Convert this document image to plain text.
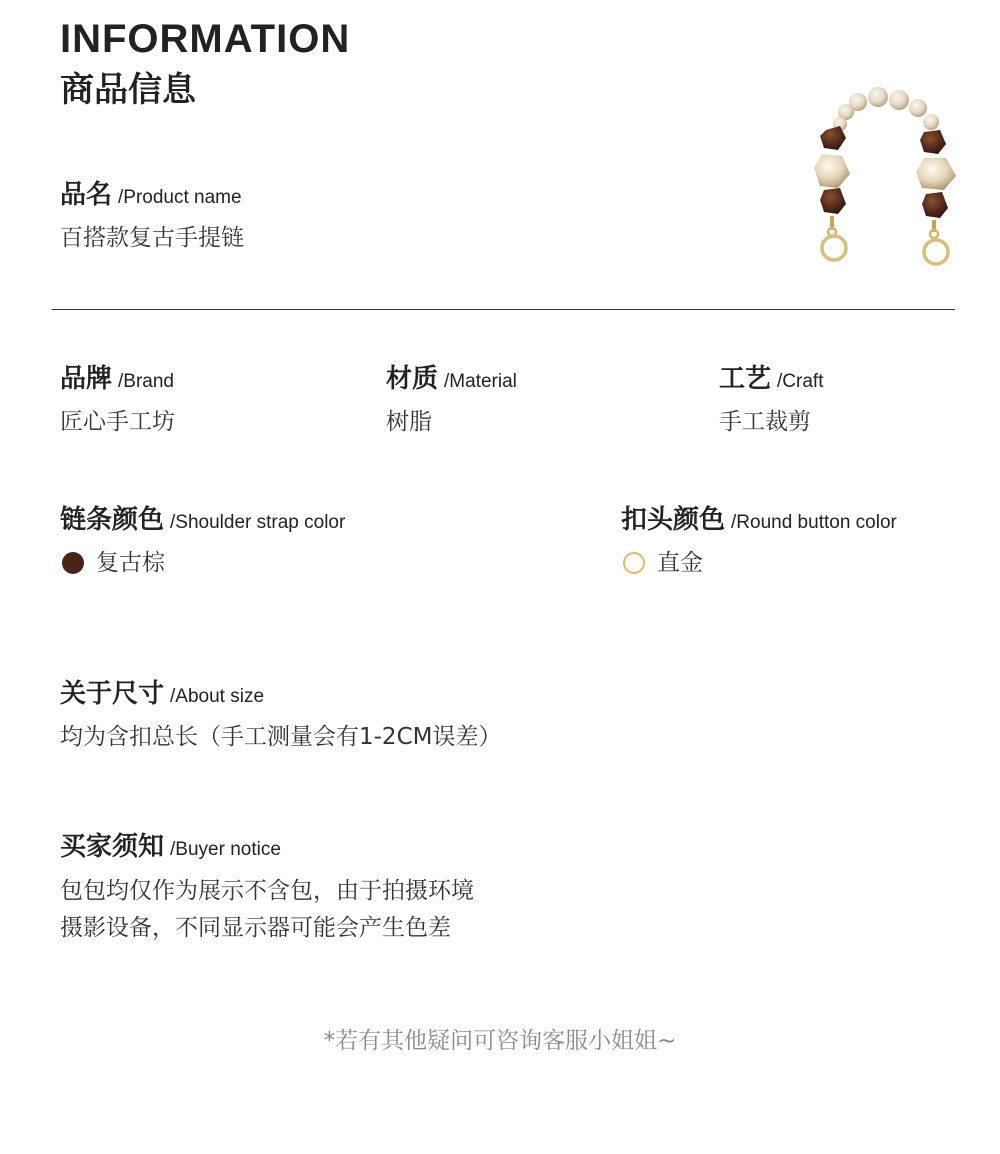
INFORMATION
商品信息
品名 /Product name
百搭款复古手提链
品牌 /Brand
匠心手工坊
材质 /Material
树脂
工艺 /Craft
手工裁剪
链条颜色 /Shoulder strap color
复古棕
扣头颜色 /Round button color
直金
关于尺寸 /About size
均为含扣总长（手工测量会有1-2CM误差）
买家须知 /Buyer notice
包包均仅作为展示不含包，由于拍摄环境
摄影设备，不同显示器可能会产生色差
*若有其他疑问可咨询客服小姐姐~
